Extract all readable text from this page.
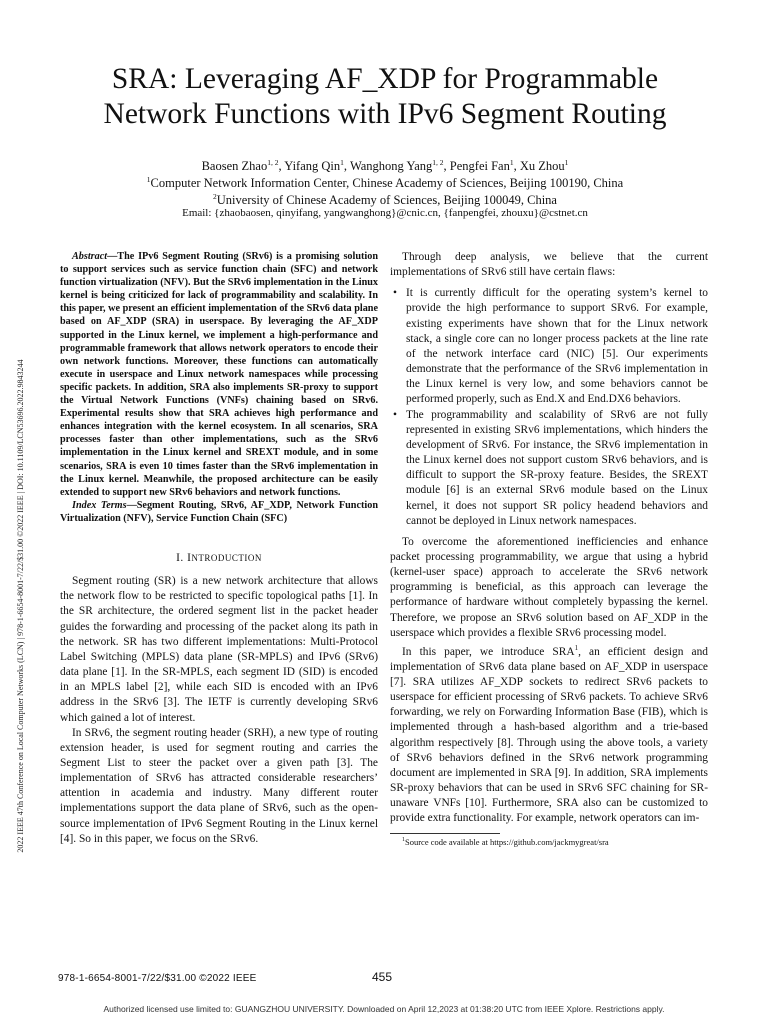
2022 IEEE 47th Conference on Local Computer Networks (LCN) | 978-1-6654-8001-7/22/$31.00 ©2022 IEEE | DOI: 10.1109/LCN53696.2022.9843244
SRA: Leveraging AF_XDP for Programmable
Network Functions with IPv6 Segment Routing
Baosen Zhao$^{1, 2}$, Yifang Qin$^1$, Wanghong Yang$^{1, 2}$, Pengfei Fan$^1$, Xu Zhou$^1$
$^1$Computer Network Information Center, Chinese Academy of Sciences, Beijing 100190, China
$^2$University of Chinese Academy of Sciences, Beijing 100049, China
Email: {zhaobaosen, qinyifang, yangwanghong}@cnic.cn, {fanpengfei, zhouxu}@cstnet.cn

Abstract—The IPv6 Segment Routing (SRv6) is a promising solution to support services such as service function chain (SFC) and network function virtualization (NFV). But the SRv6 implementation in the Linux kernel is being criticized for lack of programmability and scalability. In this paper, we present an efficient implementation of the SRv6 data plane based on AF_XDP (SRA) in userspace. By leveraging the AF_XDP supported in the Linux kernel, we implement a high-performance and programmable framework that allows network operators to encode their own network functions. Moreover, these functions can automatically execute in userspace and Linux network namespaces while processing specific packets. In addition, SRA also implements SR-proxy to support the Virtual Network Functions (VNFs) chaining based on SRv6. Experimental results show that SRA achieves high performance and enhances integration with the kernel ecosystem. In all scenarios, SRA processes faster than other implementations, such as the SRv6 implementation in the Linux kernel and SREXT module, and in some scenarios, SRA is even 10 times faster than the SRv6 implementation in the Linux kernel. Meanwhile, the proposed architecture can be easily extended to support new SRv6 behaviors and network functions.

Index Terms—Segment Routing, SRv6, AF_XDP, Network Function Virtualization (NFV), Service Function Chain (SFC)

I. INTRODUCTION

Segment routing (SR) is a new network architecture that allows the network flow to be restricted to specific topological paths [1]. In the SR architecture, the ordered segment list in the packet header guides the forwarding and processing of the packet along its path in the network. SR has two different implementations: Multi-Protocol Label Switching (MPLS) data plane (SR-MPLS) and IPv6 (SRv6) data plane [1]. In the SR-MPLS, each segment ID (SID) is encoded in an MPLS label [2], while each SID is encoded with an IPv6 address in the SRv6 [3]. The IETF is currently developing SRv6 which gained a lot of interest.

In SRv6, the segment routing header (SRH), a new type of routing extension header, is used for segment routing and carries the Segment List to steer the packet over a given path [3]. The implementation of SRv6 has attracted considerable researchers’ attention in academia and industry. Many different router implementations support the data plane of SRv6, such as the open-source implementation of IPv6 Segment Routing in the Linux kernel [4]. So in this paper, we focus on the SRv6.

Through deep analysis, we believe that the current implementations of SRv6 still have certain flaws:

• It is currently difficult for the operating system’s kernel to provide the high performance to support SRv6. For example, existing experiments have shown that for the Linux network stack, a single core can no longer process packets at the line rate of the network interface card (NIC) [5]. Our experiments demonstrate that the performance of the SRv6 implementation in the Linux kernel is very low, and some behaviors cannot be performed properly, such as End.X and End.DX6 behaviors.
• The programmability and scalability of SRv6 are not fully represented in existing SRv6 implementations, which hinders the development of SRv6. For instance, the SRv6 implementation in the Linux kernel does not support custom SRv6 behaviors, and is difficult to support the SR-proxy feature. Besides, the SREXT module [6] is an external SRv6 module based on the Linux kernel, it does not support SR policy headend behaviors and cannot be deployed in Linux network namespaces.

To overcome the aforementioned inefficiencies and enhance packet processing programmability, we argue that using a hybrid (kernel-user space) approach to accelerate the SRv6 network programming is beneficial, as this approach can leverage the performance of hardware without completely bypassing the kernel. Therefore, we propose an SRv6 solution based on AF_XDP in the userspace which provides a flexible SRv6 processing model.

In this paper, we introduce SRA$^1$, an efficient design and implementation of SRv6 data plane based on AF_XDP in userspace [7]. SRA utilizes AF_XDP sockets to redirect SRv6 packets to userspace for efficient processing of SRv6 packets. To achieve SRv6 forwarding, we rely on Forwarding Information Base (FIB), which is implemented through a hash-based algorithm and a trie-based algorithm respectively [8]. Through using the above tools, a variety of SRv6 behaviors defined in the SRv6 network programming document are implemented in SRA [9]. In addition, SRA implements SR-proxy behaviors that can be used in SRv6 SFC chaining for SR-unaware VNFs [10]. Furthermore, SRA also can be customized to provide extra functionality. For example, network operators can im-

$^1$Source code available at https://github.com/jackmygreat/sra

978-1-6654-8001-7/22/$31.00 ©2022 IEEE	455
Authorized licensed use limited to: GUANGZHOU UNIVERSITY. Downloaded on April 12,2023 at 01:38:20 UTC from IEEE Xplore. Restrictions apply.
